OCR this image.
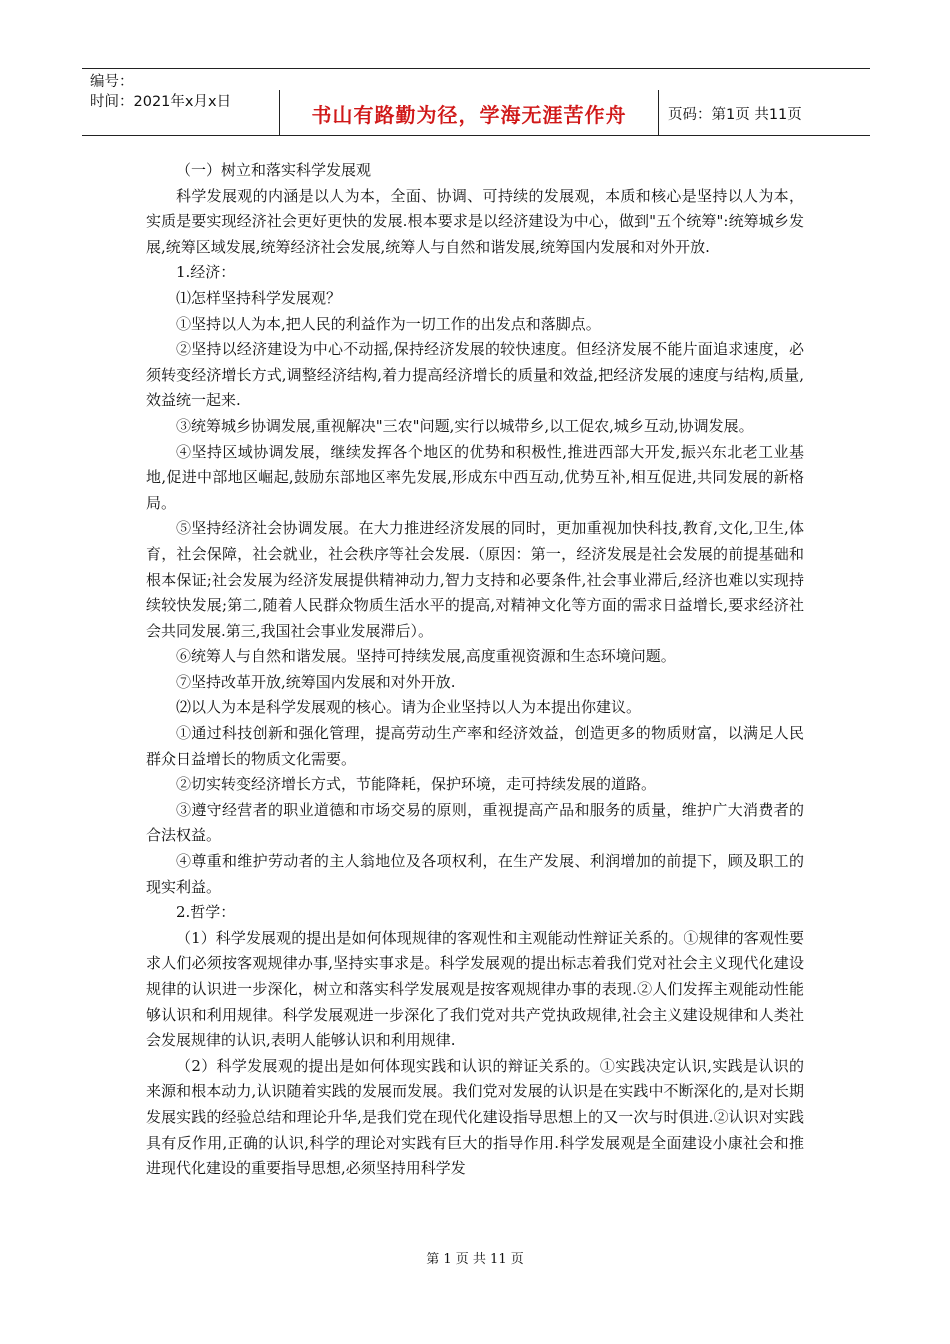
编号：
时间：2021年x月x日
书山有路勤为径，学海无涯苦作舟	页码：第1页 共11页

（一）树立和落实科学发展观

科学发展观的内涵是以人为本，全面、协调、可持续的发展观，本质和核心是坚持以人为本，实质是要实现经济社会更好更快的发展.根本要求是以经济建设为中心，做到"五个统筹":统筹城乡发展,统筹区域发展,统筹经济社会发展,统筹人与自然和谐发展,统筹国内发展和对外开放.

1.经济：

⑴怎样坚持科学发展观？

①坚持以人为本,把人民的利益作为一切工作的出发点和落脚点。

②坚持以经济建设为中心不动摇,保持经济发展的较快速度。但经济发展不能片面追求速度，必须转变经济增长方式,调整经济结构,着力提高经济增长的质量和效益,把经济发展的速度与结构,质量,效益统一起来.

③统筹城乡协调发展,重视解决"三农"问题,实行以城带乡,以工促农,城乡互动,协调发展。

④坚持区域协调发展，继续发挥各个地区的优势和积极性,推进西部大开发,振兴东北老工业基地,促进中部地区崛起,鼓励东部地区率先发展,形成东中西互动,优势互补,相互促进,共同发展的新格局。

⑤坚持经济社会协调发展。在大力推进经济发展的同时，更加重视加快科技,教育,文化,卫生,体育，社会保障，社会就业，社会秩序等社会发展.（原因：第一，经济发展是社会发展的前提基础和根本保证;社会发展为经济发展提供精神动力,智力支持和必要条件,社会事业滞后,经济也难以实现持续较快发展;第二,随着人民群众物质生活水平的提高,对精神文化等方面的需求日益增长,要求经济社会共同发展.第三,我国社会事业发展滞后）。

⑥统筹人与自然和谐发展。坚持可持续发展,高度重视资源和生态环境问题。

⑦坚持改革开放,统筹国内发展和对外开放.

⑵以人为本是科学发展观的核心。请为企业坚持以人为本提出你建议。

①通过科技创新和强化管理，提高劳动生产率和经济效益，创造更多的物质财富，以满足人民群众日益增长的物质文化需要。

②切实转变经济增长方式，节能降耗，保护环境，走可持续发展的道路。

③遵守经营者的职业道德和市场交易的原则，重视提高产品和服务的质量，维护广大消费者的合法权益。

④尊重和维护劳动者的主人翁地位及各项权利，在生产发展、利润增加的前提下，顾及职工的现实利益。

2.哲学：

（1）科学发展观的提出是如何体现规律的客观性和主观能动性辩证关系的。①规律的客观性要求人们必须按客观规律办事,坚持实事求是。科学发展观的提出标志着我们党对社会主义现代化建设规律的认识进一步深化，树立和落实科学发展观是按客观规律办事的表现.②人们发挥主观能动性能够认识和利用规律。科学发展观进一步深化了我们党对共产党执政规律,社会主义建设规律和人类社会发展规律的认识,表明人能够认识和利用规律.

（2）科学发展观的提出是如何体现实践和认识的辩证关系的。①实践决定认识,实践是认识的来源和根本动力,认识随着实践的发展而发展。我们党对发展的认识是在实践中不断深化的,是对长期发展实践的经验总结和理论升华,是我们党在现代化建设指导思想上的又一次与时俱进.②认识对实践具有反作用,正确的认识,科学的理论对实践有巨大的指导作用.科学发展观是全面建设小康社会和推进现代化建设的重要指导思想,必须坚持用科学发

第 1 页 共 11 页
